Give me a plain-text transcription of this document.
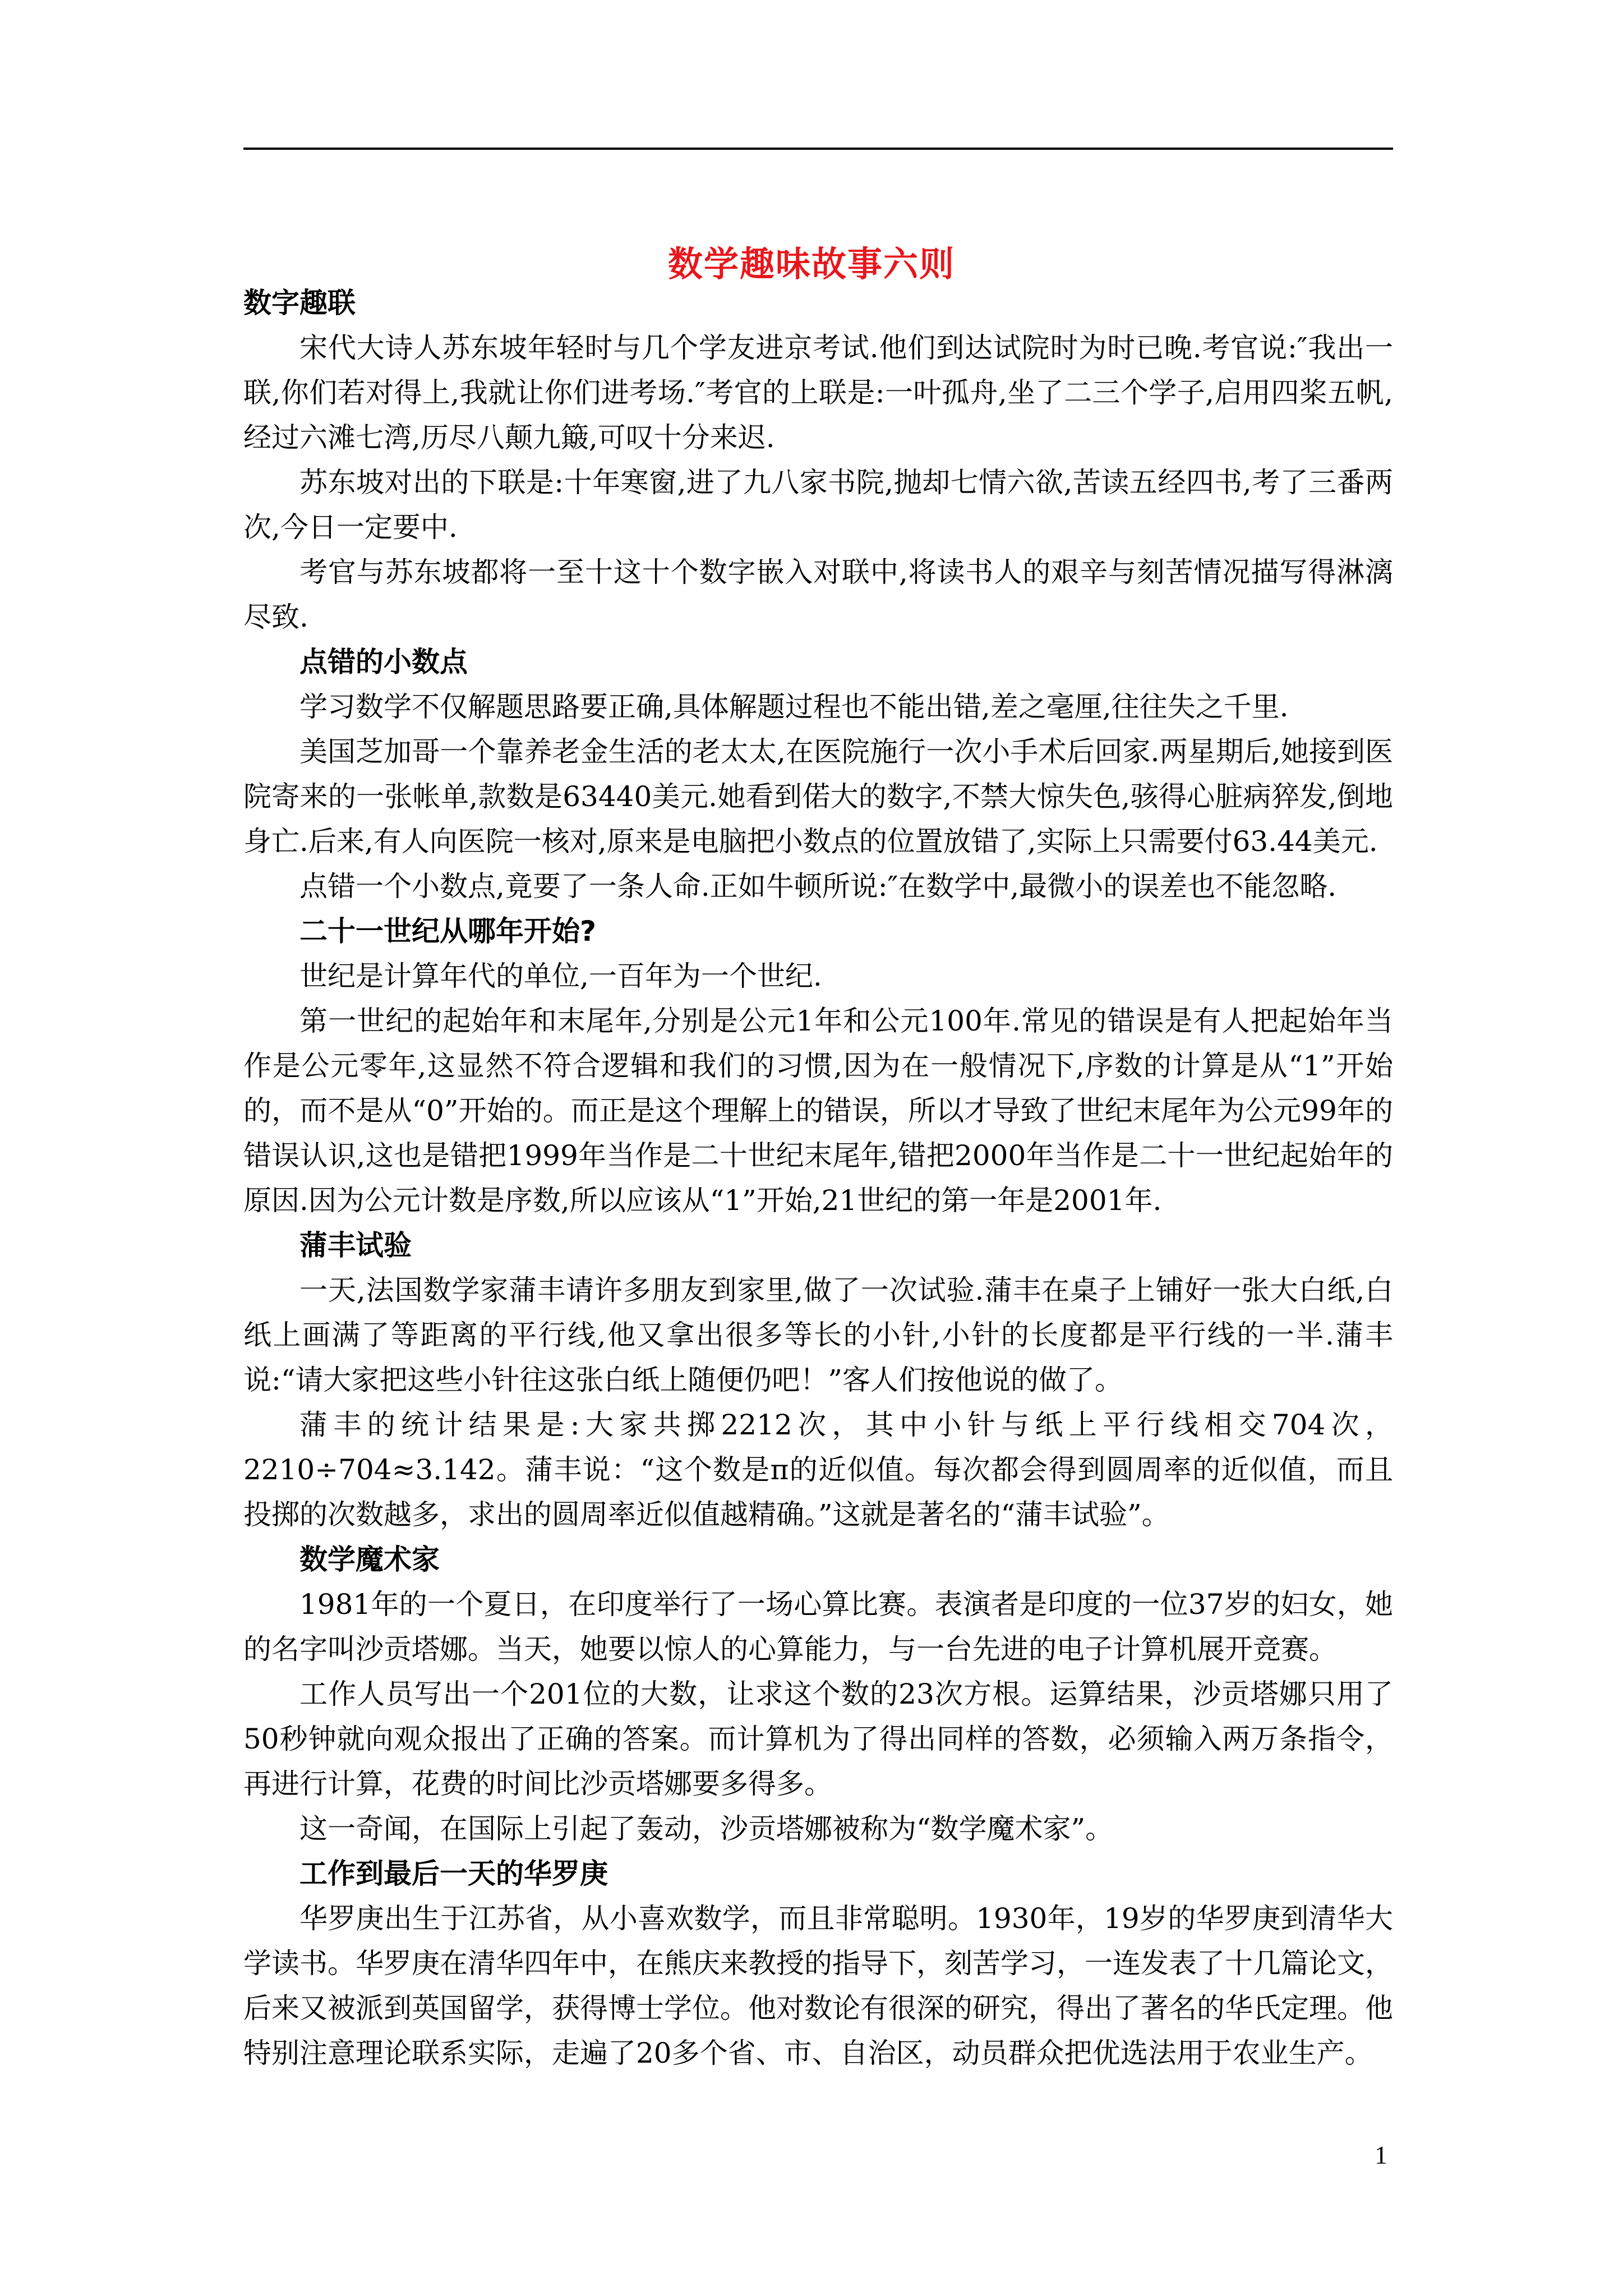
数学趣味故事六则

数字趣联

宋代大诗人苏东坡年轻时与几个学友进京考试.他们到达试院时为时已晚.考官说:″我出一联,你们若对得上,我就让你们进考场.″考官的上联是:一叶孤舟,坐了二三个学子,启用四桨五帆,经过六滩七湾,历尽八颠九簸,可叹十分来迟.

苏东坡对出的下联是:十年寒窗,进了九八家书院,抛却七情六欲,苦读五经四书,考了三番两次,今日一定要中.

考官与苏东坡都将一至十这十个数字嵌入对联中,将读书人的艰辛与刻苦情况描写得淋漓尽致.

点错的小数点

学习数学不仅解题思路要正确,具体解题过程也不能出错,差之毫厘,往往失之千里.

美国芝加哥一个靠养老金生活的老太太,在医院施行一次小手术后回家.两星期后,她接到医院寄来的一张帐单,款数是63440美元.她看到偌大的数字,不禁大惊失色,骇得心脏病猝发,倒地身亡.后来,有人向医院一核对,原来是电脑把小数点的位置放错了,实际上只需要付63.44美元.

点错一个小数点,竟要了一条人命.正如牛顿所说:″在数学中,最微小的误差也不能忽略.

二十一世纪从哪年开始?

世纪是计算年代的单位,一百年为一个世纪.

第一世纪的起始年和末尾年,分别是公元1年和公元100年.常见的错误是有人把起始年当作是公元零年,这显然不符合逻辑和我们的习惯,因为在一般情况下,序数的计算是从“1”开始的，而不是从“0”开始的。而正是这个理解上的错误，所以才导致了世纪末尾年为公元99年的错误认识,这也是错把1999年当作是二十世纪末尾年,错把2000年当作是二十一世纪起始年的原因.因为公元计数是序数,所以应该从“1”开始,21世纪的第一年是2001年.

蒲丰试验

一天,法国数学家蒲丰请许多朋友到家里,做了一次试验.蒲丰在桌子上铺好一张大白纸,白纸上画满了等距离的平行线,他又拿出很多等长的小针,小针的长度都是平行线的一半.蒲丰说:“请大家把这些小针往这张白纸上随便仍吧！”客人们按他说的做了。

蒲丰的统计结果是:大家共掷2212次，其中小针与纸上平行线相交704次，2210÷704≈3.142。蒲丰说：“这个数是π的近似值。每次都会得到圆周率的近似值，而且投掷的次数越多，求出的圆周率近似值越精确。”这就是著名的“蒲丰试验”。

数学魔术家

1981年的一个夏日，在印度举行了一场心算比赛。表演者是印度的一位37岁的妇女，她的名字叫沙贡塔娜。当天，她要以惊人的心算能力，与一台先进的电子计算机展开竞赛。

工作人员写出一个201位的大数，让求这个数的23次方根。运算结果，沙贡塔娜只用了50秒钟就向观众报出了正确的答案。而计算机为了得出同样的答数，必须输入两万条指令，再进行计算，花费的时间比沙贡塔娜要多得多。

这一奇闻，在国际上引起了轰动，沙贡塔娜被称为“数学魔术家”。

工作到最后一天的华罗庚

华罗庚出生于江苏省，从小喜欢数学，而且非常聪明。1930年，19岁的华罗庚到清华大学读书。华罗庚在清华四年中，在熊庆来教授的指导下，刻苦学习，一连发表了十几篇论文，后来又被派到英国留学，获得博士学位。他对数论有很深的研究，得出了著名的华氏定理。他特别注意理论联系实际，走遍了20多个省、市、自治区，动员群众把优选法用于农业生产。

1
